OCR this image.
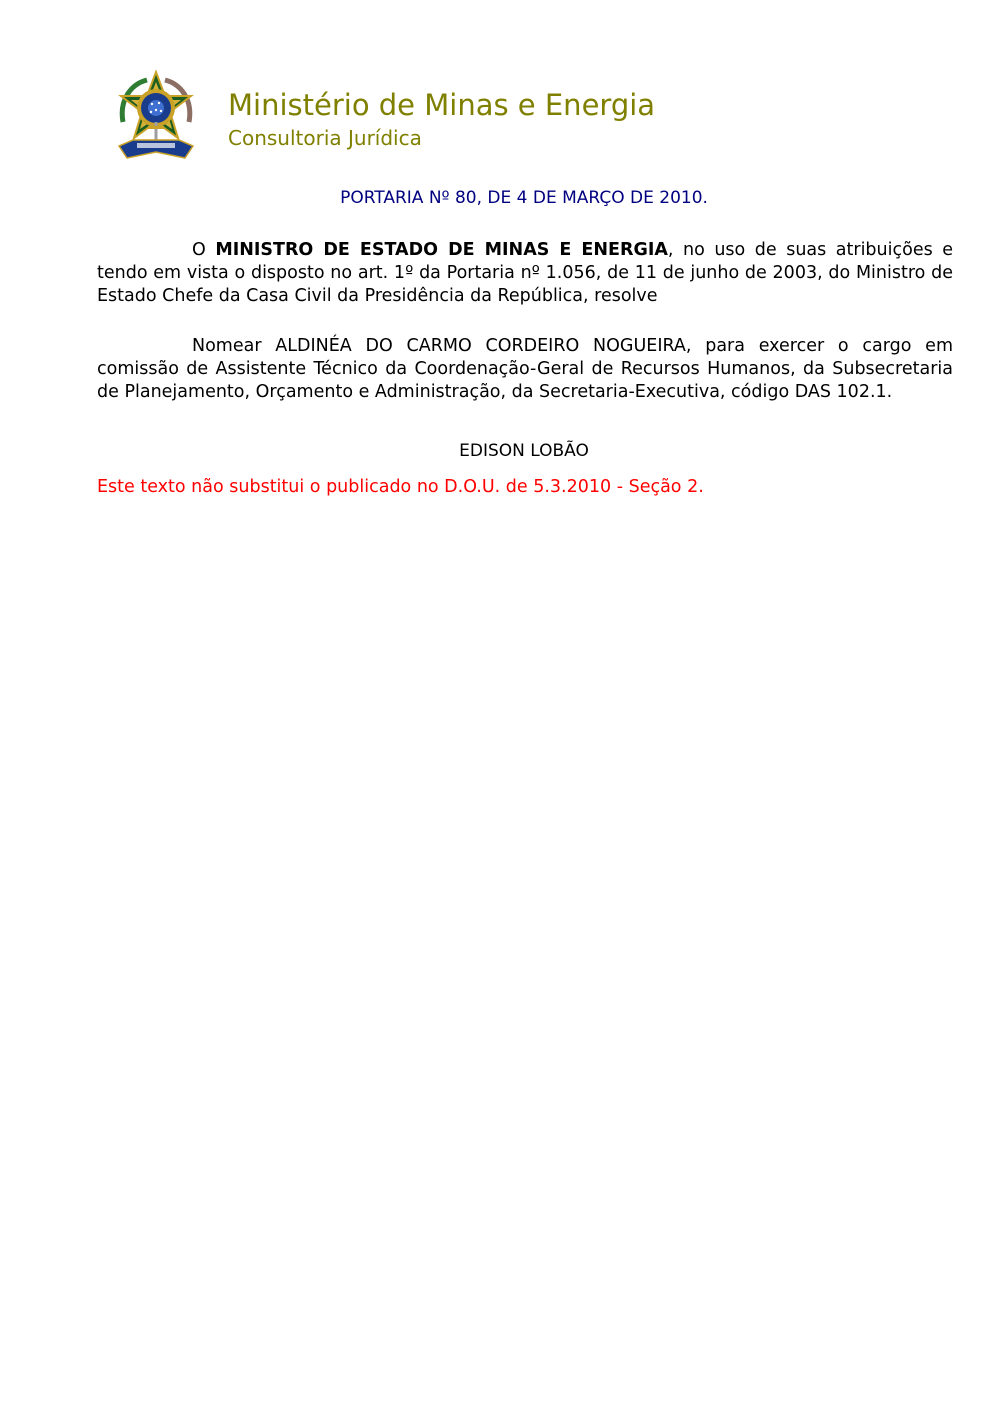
Ministério de Minas e Energia
Consultoria Jurídica
PORTARIA Nº 80, DE 4 DE MARÇO DE 2010.

O MINISTRO DE ESTADO DE MINAS E ENERGIA, no uso de suas atribuições e tendo em vista o disposto no art. 1º da Portaria nº 1.056, de 11 de junho de 2003, do Ministro de Estado Chefe da Casa Civil da Presidência da República, resolve

Nomear ALDINÉA DO CARMO CORDEIRO NOGUEIRA, para exercer o cargo em comissão de Assistente Técnico da Coordenação-Geral de Recursos Humanos, da Subsecretaria de Planejamento, Orçamento e Administração, da Secretaria-Executiva, código DAS 102.1.

EDISON LOBÃO
Este texto não substitui o publicado no D.O.U. de 5.3.2010 - Seção 2.
